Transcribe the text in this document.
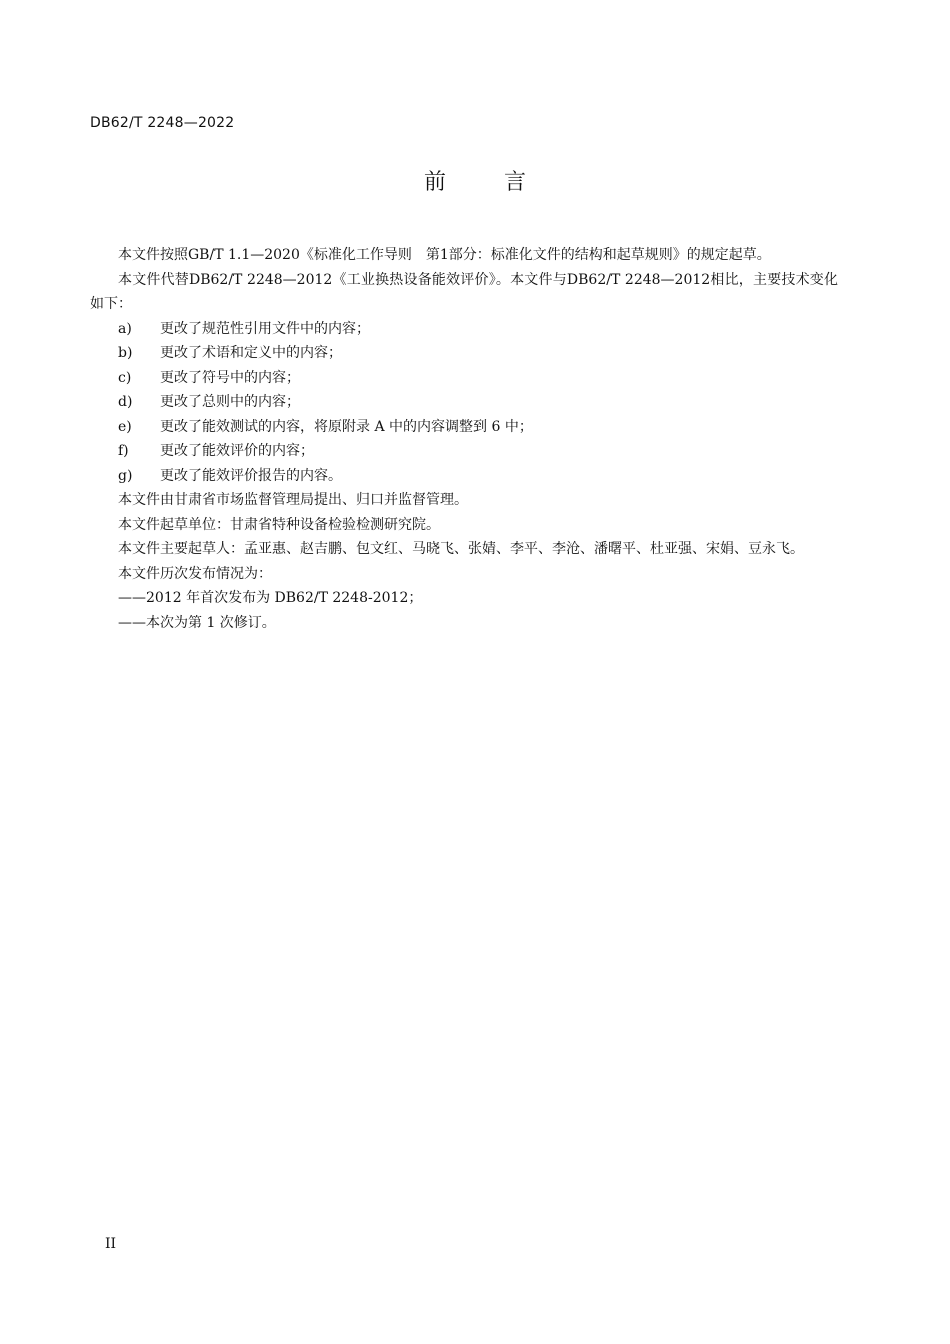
DB62/T 2248—2022
前	言

本文件按照GB/T 1.1—2020《标准化工作导则　第1部分：标准化文件的结构和起草规则》的规定起草。

本文件代替DB62/T 2248—2012《工业换热设备能效评价》。本文件与DB62/T 2248—2012相比，主要技术变化如下：

a)	更改了规范性引用文件中的内容；
b)	更改了术语和定义中的内容；
c)	更改了符号中的内容；
d)	更改了总则中的内容；
e)	更改了能效测试的内容，将原附录 A 中的内容调整到 6 中；
f)	更改了能效评价的内容；
g)	更改了能效评价报告的内容。

本文件由甘肃省市场监督管理局提出、归口并监督管理。

本文件起草单位：甘肃省特种设备检验检测研究院。

本文件主要起草人：孟亚惠、赵吉鹏、包文红、马晓飞、张婧、李平、李沧、潘曙平、杜亚强、宋娟、豆永飞。

本文件历次发布情况为：

——2012 年首次发布为 DB62/T 2248-2012；

——本次为第 1 次修订。

II
